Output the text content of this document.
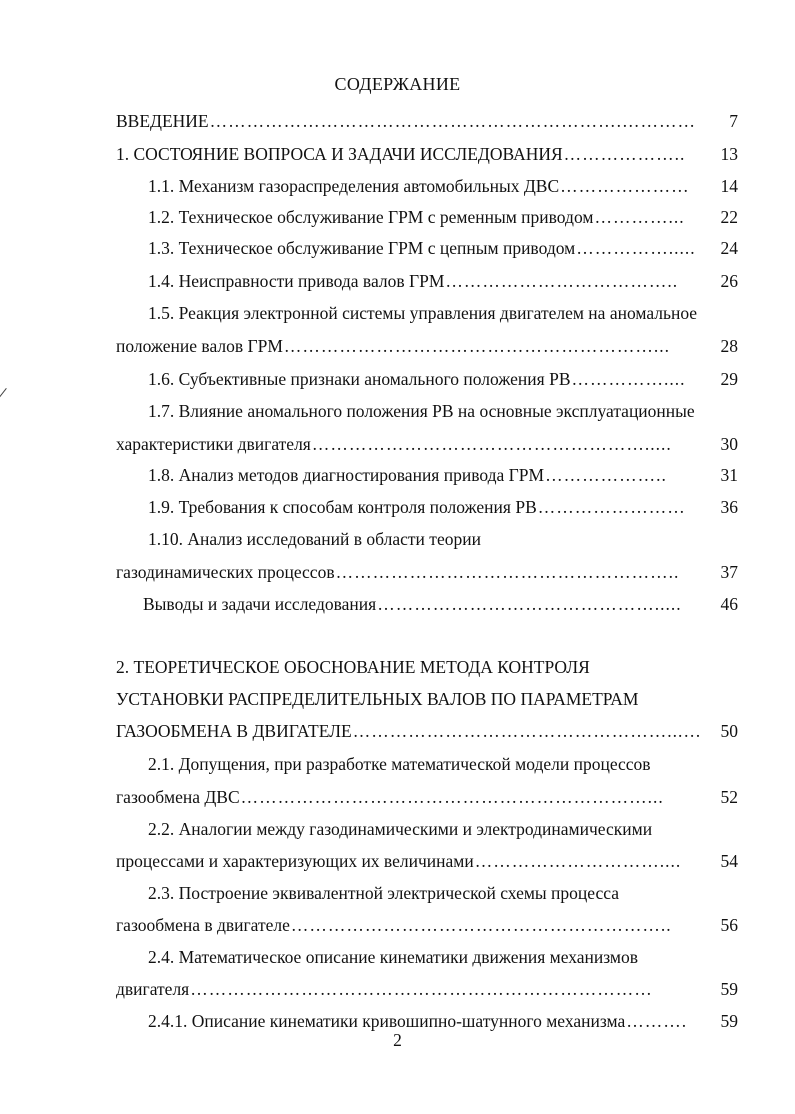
СОДЕРЖАНИЕ
ВВЕДЕНИЕ ………………………………………………………….…………	7
1. СОСТОЯНИЕ ВОПРОСА И ЗАДАЧИ ИССЛЕДОВАНИЯ ………………..	13
1.1. Механизм газораспределения автомобильных ДВС …………………	14
1.2. Техническое обслуживание ГРМ с ременным приводом …………...	22
1.3. Техническое обслуживание ГРМ с цепным приводом …………….....	24
1.4. Неисправности привода валов ГРМ ………………………………..	26
1.5. Реакция электронной системы управления двигателем на аномальное
положение валов ГРМ ……………………………………………………...	28
1.6. Субъективные признаки аномального положения РВ ……………....	29
1.7. Влияние аномального положения РВ на основные эксплуатационные
характеристики двигателя ……………………………………………….....	30
1.8. Анализ методов диагностирования привода ГРМ ………………..	31
1.9. Требования к способам контроля положения РВ ……………………	36
1.10. Анализ исследований в области теории
газодинамических процессов ………………………………………………..	37
Выводы и задачи исследования ……………………………………….....	46
2. ТЕОРЕТИЧЕСКОЕ ОБОСНОВАНИЕ МЕТОДА КОНТРОЛЯ
УСТАНОВКИ РАСПРЕДЕЛИТЕЛЬНЫХ ВАЛОВ ПО ПАРАМЕТРАМ
ГАЗООБМЕНА В ДВИГАТЕЛЕ ……………………………………………...…	50
2.1. Допущения, при разработке математической модели процессов
газообмена ДВС …………………………………………………………...	52
2.2. Аналогии между газодинамическими и электродинамическими
процессами и характеризующих их величинами …………………………....	54
2.3. Построение эквивалентной электрической схемы процесса
газообмена в двигателе ……………………………………………………..	56
2.4. Математическое описание кинематики движения механизмов
двигателя …………………………………………………………………	59
2.4.1. Описание кинематики кривошипно-шатунного механизма ……….	59
2
